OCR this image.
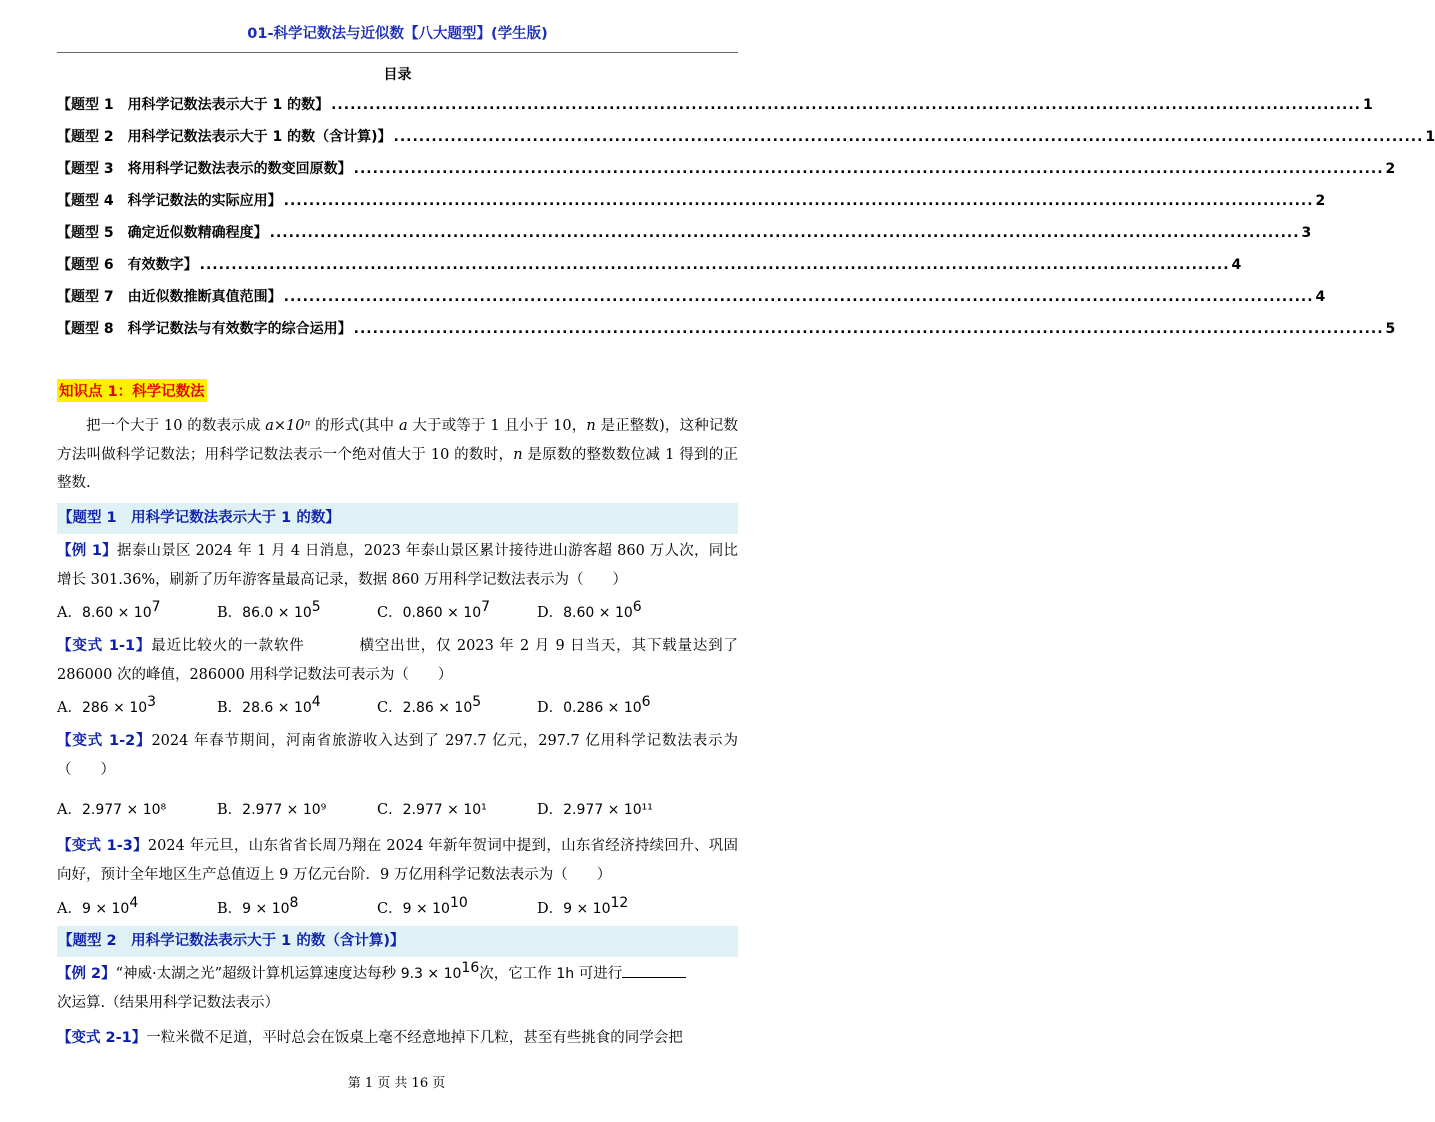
01-科学记数法与近似数【八大题型】(学生版)
目录
【题型 1　用科学记数法表示大于 1 的数】 ................................................................................................................................................................... 1
【题型 2　用科学记数法表示大于 1 的数（含计算)】 ................................................................................................................................................................... 1
【题型 3　将用科学记数法表示的数变回原数】 ................................................................................................................................................................... 2
【题型 4　科学记数法的实际应用】 ................................................................................................................................................................... 2
【题型 5　确定近似数精确程度】 ................................................................................................................................................................... 3
【题型 6　有效数字】 ................................................................................................................................................................... 4
【题型 7　由近似数推断真值范围】 ................................................................................................................................................................... 4
【题型 8　科学记数法与有效数字的综合运用】 ................................................................................................................................................................... 5
知识点 1：科学记数法
把一个大于 10 的数表示成 a×10ⁿ 的形式(其中 a 大于或等于 1 且小于 10，n 是正整数)，这种记数方法叫做科学记数法；用科学记数法表示一个绝对值大于 10 的数时，n 是原数的整数数位减 1 得到的正整数.
【题型 1　用科学记数法表示大于 1 的数】
【例 1】据泰山景区 2024 年 1 月 4 日消息，2023 年泰山景区累计接待进山游客超 860 万人次，同比增长 301.36%，刷新了历年游客量最高记录，数据 860 万用科学记数法表示为（　　）
A．$8.60 \times 10^7$	B．$86.0 \times 10^5$	C．$0.860 \times 10^7$	D．$8.60 \times 10^6$
【变式 1-1】最近比较火的一款软件	横空出世，仅 2023 年 2 月 9 日当天，其下载量达到了 286000 次的峰值，286000 用科学记数法可表示为（　　）
A．$286 \times 10^3$	B．$28.6 \times 10^4$	C．$2.86 \times 10^5$	D．$0.286 \times 10^6$
【变式 1-2】2024 年春节期间，河南省旅游收入达到了 297.7 亿元，297.7 亿用科学记数法表示为（　　）
A．2.977 × 10⁸	B．2.977 × 10⁹	C．2.977 × 10¹	D．2.977 × 10¹¹
【变式 1-3】2024 年元旦，山东省省长周乃翔在 2024 年新年贺词中提到，山东省经济持续回升、巩固向好，预计全年地区生产总值迈上 9 万亿元台阶．9 万亿用科学记数法表示为（　　）
A．$9 \times 10^4$	B．$9 \times 10^8$	C．$9 \times 10^{10}$	D．$9 \times 10^{12}$
【题型 2　用科学记数法表示大于 1 的数（含计算)】
【例 2】“神威·太湖之光”超级计算机运算速度达每秒 $9.3 \times 10^{16}$次，它工作 1h 可进行
次运算.（结果用科学记数法表示）
【变式 2-1】一粒米微不足道，平时总会在饭桌上毫不经意地掉下几粒，甚至有些挑食的同学会把
第 1 页 共 16 页
